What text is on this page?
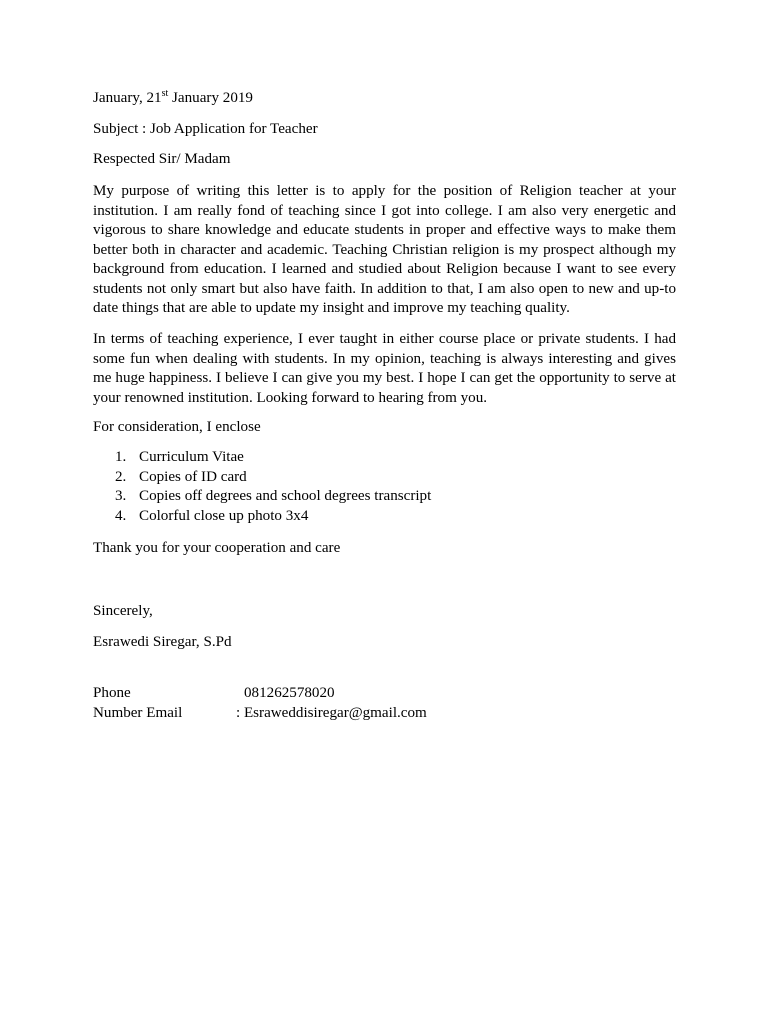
January, 21st January 2019

Subject : Job Application for Teacher

Respected Sir/ Madam

My purpose of writing this letter is to apply for the position of Religion teacher at your institution. I am really fond of teaching since I got into college. I am also very energetic and vigorous to share knowledge and educate students in proper and effective ways to make them better both in character and academic. Teaching Christian religion is my prospect although my background from education. I learned and studied about Religion because I want to see every students not only smart but also have faith. In addition to that, I am also open to new and up-to date things that are able to update my insight and improve my teaching quality.

In terms of teaching experience, I ever taught in either course place or private students. I had some fun when dealing with students. In my opinion, teaching is always interesting and gives me huge happiness. I believe I can give you my best. I hope I can get the opportunity to serve at your renowned institution. Looking forward to hearing from you.

For consideration, I enclose

1. Curriculum Vitae
2. Copies of ID card
3. Copies off degrees and school degrees transcript
4. Colorful close up photo 3x4

Thank you for your cooperation and care

Sincerely,

Esrawedi Siregar, S.Pd

Phone	081262578020
Number Email	: Esraweddisiregar@gmail.com
